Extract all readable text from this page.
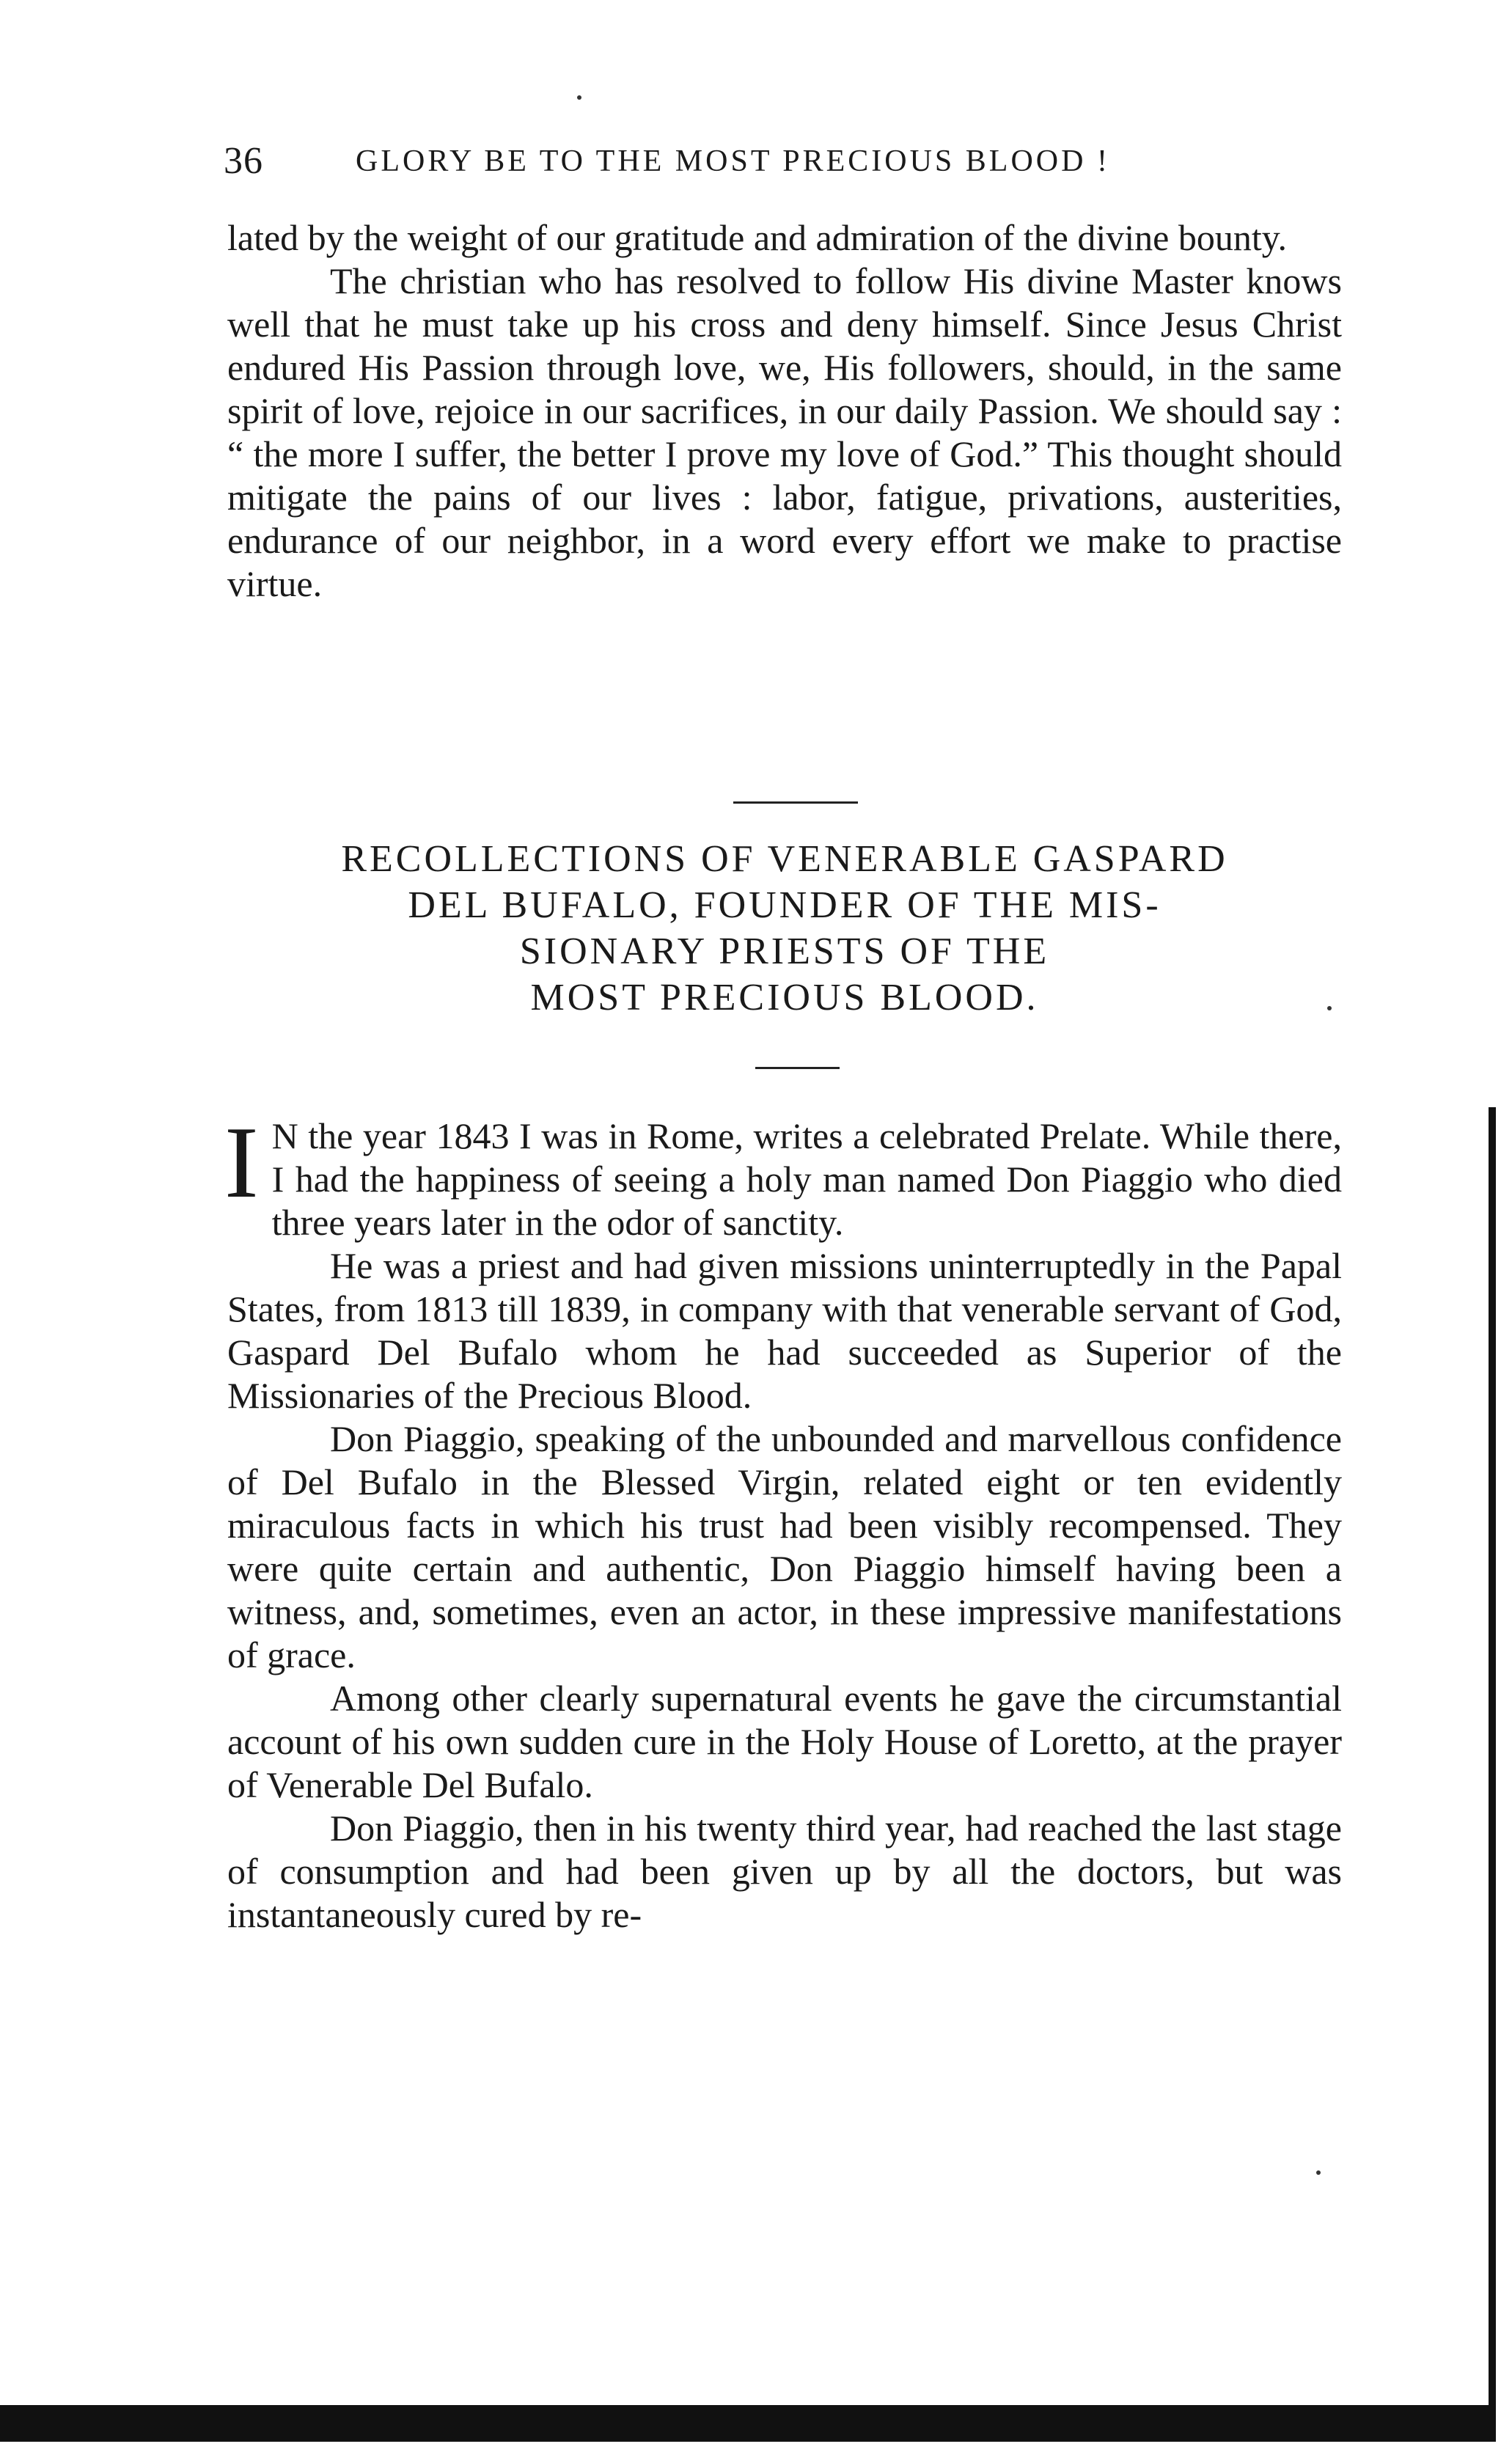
36	GLORY BE TO THE MOST PRECIOUS BLOOD !

lated by the weight of our gratitude and admiration of the divine bounty.

The christian who has resolved to follow His divine Master knows well that he must take up his cross and deny himself. Since Jesus Christ endured His Passion through love, we, His followers, should, in the same spirit of love, rejoice in our sacrifices, in our daily Passion. We should say : “ the more I suffer, the better I prove my love of God.” This thought should mitigate the pains of our lives : labor, fatigue, privations, austerities, endurance of our neighbor, in a word every effort we make to practise virtue.

RECOLLECTIONS OF VENERABLE GASPARD

DEL BUFALO, FOUNDER OF THE MIS-

SIONARY PRIESTS OF THE

MOST PRECIOUS BLOOD.

I N the year 1843 I was in Rome, writes a celebrated Prelate. While there, I had the happiness of seeing a holy man named Don Piaggio who died three years later in the odor of sanctity.

He was a priest and had given missions uninterruptedly in the Papal States, from 1813 till 1839, in company with that venerable servant of God, Gaspard Del Bufalo whom he had succeeded as Superior of the Missionaries of the Precious Blood.

Don Piaggio, speaking of the unbounded and marvellous confidence of Del Bufalo in the Blessed Virgin, related eight or ten evidently miraculous facts in which his trust had been visibly recompensed. They were quite certain and authentic, Don Piaggio himself having been a witness, and, sometimes, even an actor, in these impressive manifestations of grace.

Among other clearly supernatural events he gave the circumstantial account of his own sudden cure in the Holy House of Loretto, at the prayer of Venerable Del Bufalo.

Don Piaggio, then in his twenty third year, had reached the last stage of consumption and had been given up by all the doctors, but was instantaneously cured by re-
